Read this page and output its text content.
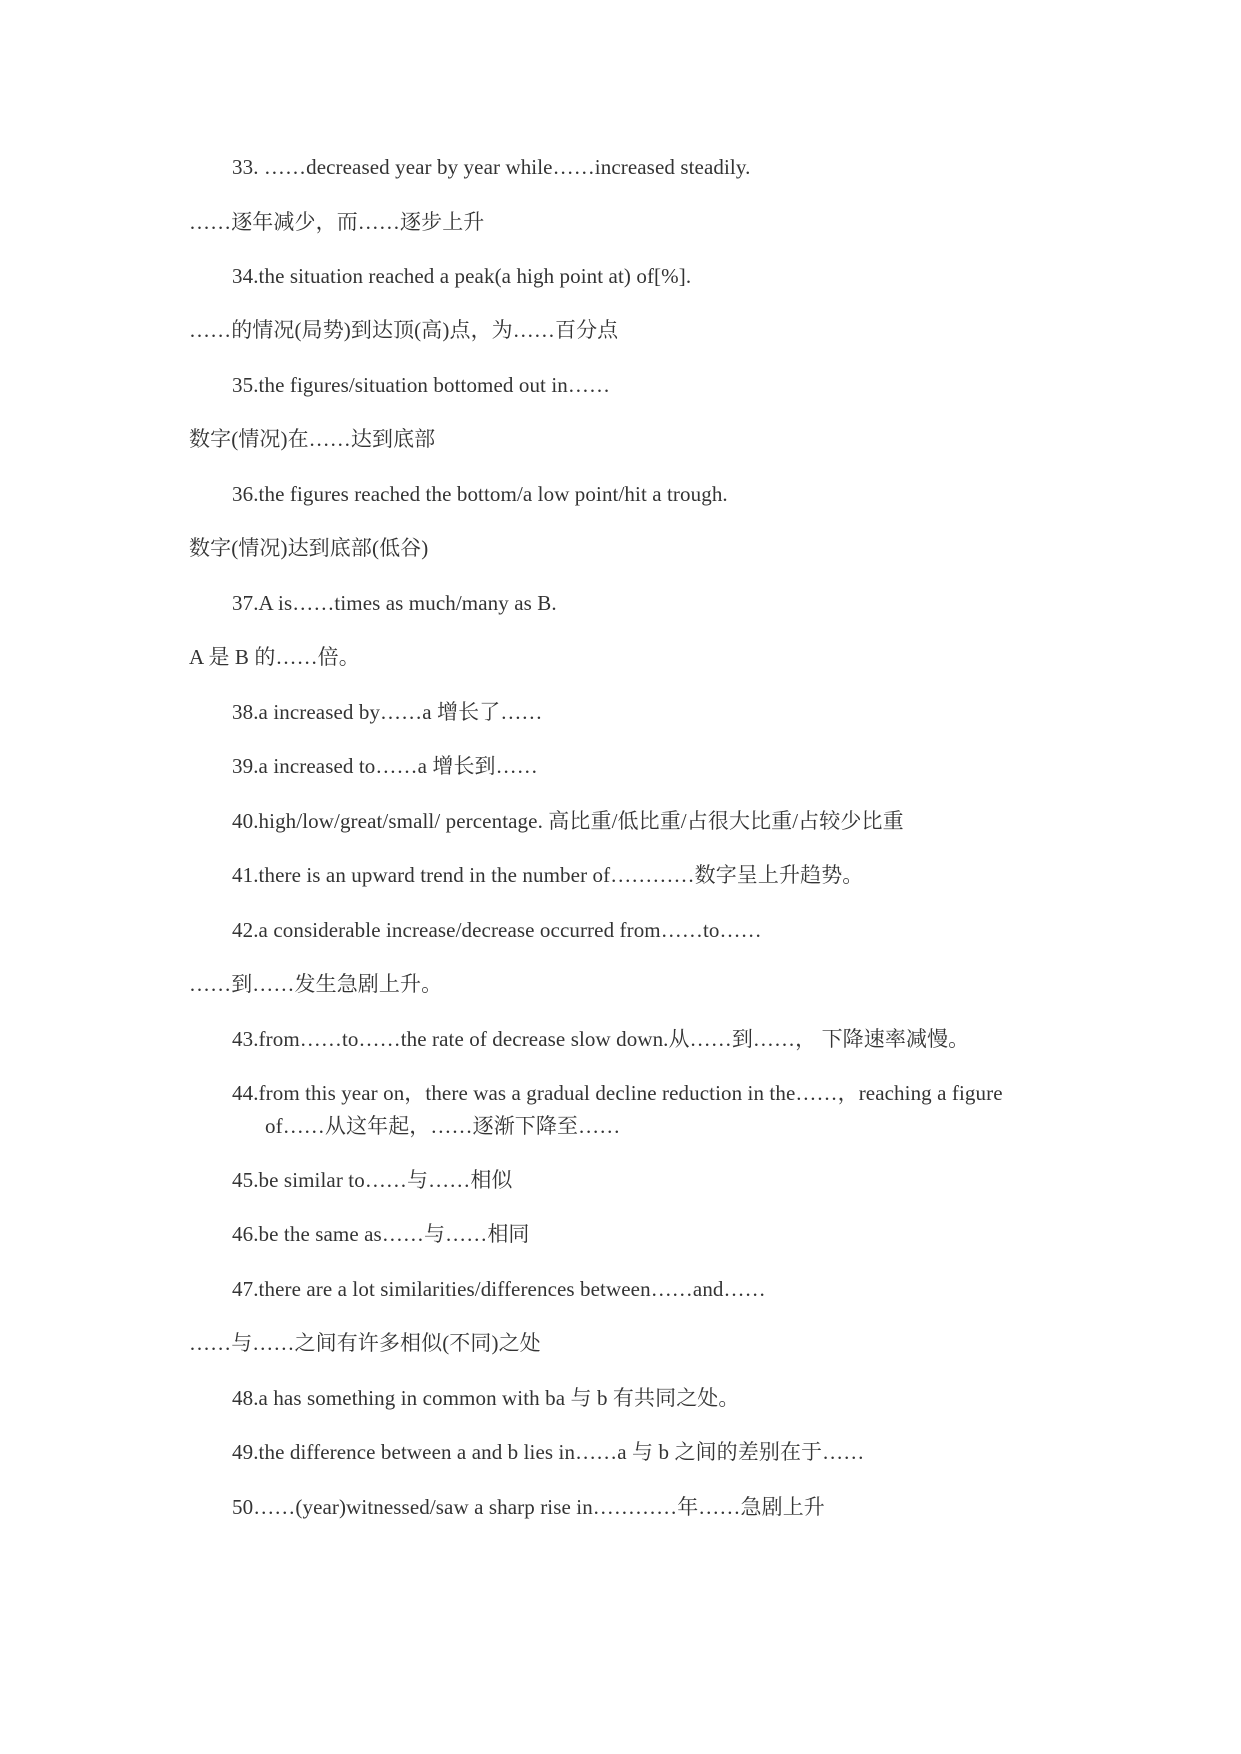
33. ……decreased year by year while……increased steadily.
……逐年减少，而……逐步上升
34.the situation reached a peak(a high point at) of[%].
……的情况(局势)到达顶(高)点，为……百分点
35.the figures/situation bottomed out in……
数字(情况)在……达到底部
36.the figures reached the bottom/a low point/hit a trough.
数字(情况)达到底部(低谷)
37.A is……times as much/many as B.
A 是 B 的……倍。
38.a increased by……a 增长了……
39.a increased to……a 增长到……
40.high/low/great/small/ percentage. 高比重/低比重/占很大比重/占较少比重
41.there is an upward trend in the number of…………数字呈上升趋势。
42.a considerable increase/decrease occurred from……to……
……到……发生急剧上升。
43.from……to……the rate of decrease slow down.从……到……， 下降速率减慢。
44.from this year on，there was a gradual decline reduction in the……，reaching a figure
of……从这年起，……逐渐下降至……
45.be similar to……与……相似
46.be the same as……与……相同
47.there are a lot similarities/differences between……and……
……与……之间有许多相似(不同)之处
48.a has something in common with ba 与 b 有共同之处。
49.the difference between a and b lies in……a 与 b 之间的差别在于……
50……(year)witnessed/saw a sharp rise in…………年……急剧上升
